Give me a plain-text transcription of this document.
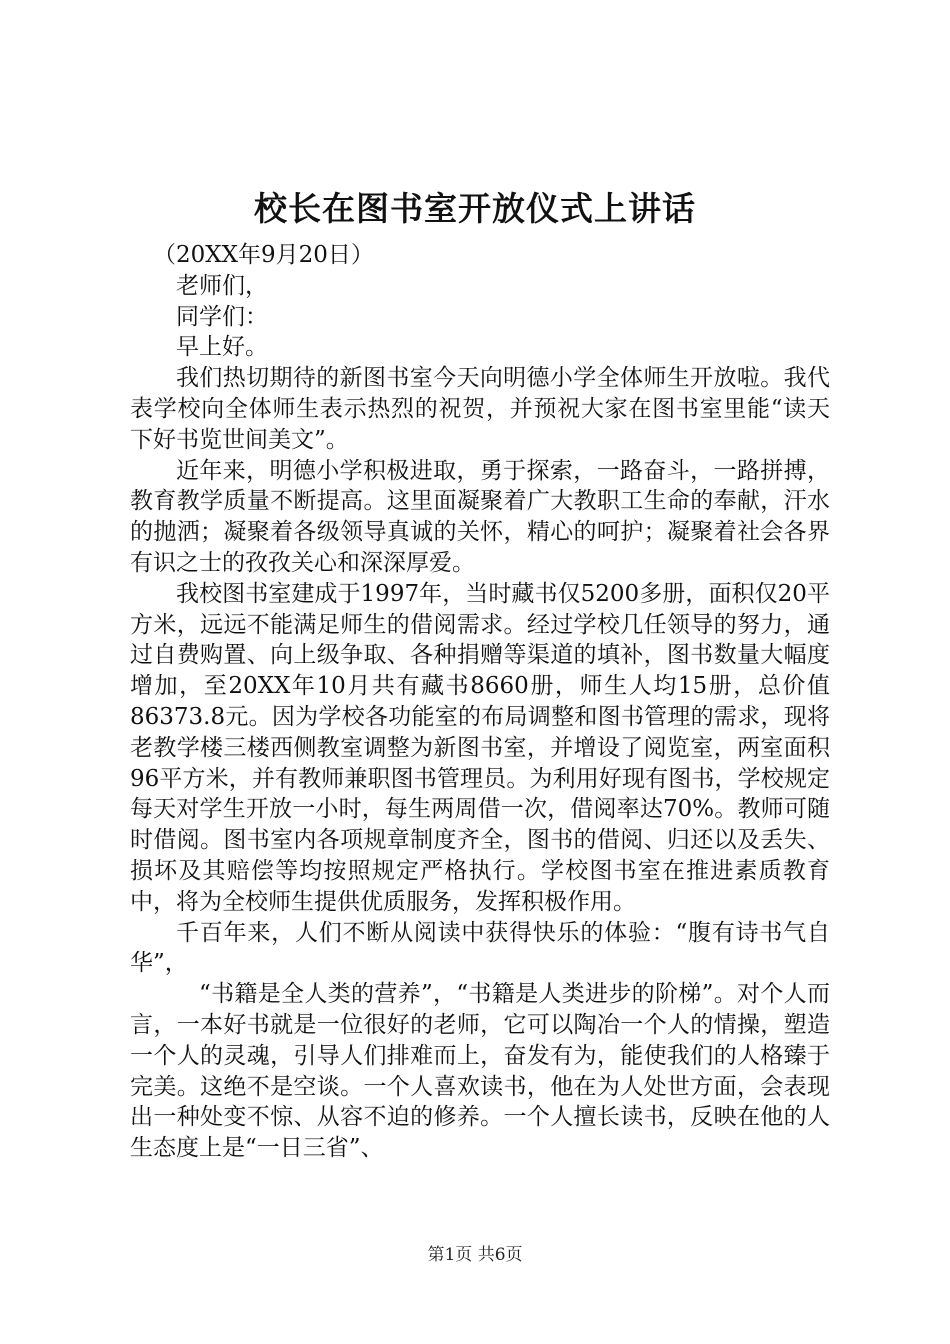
校长在图书室开放仪式上讲话

（20XX年9月20日）

老师们，

同学们：

早上好。

我们热切期待的新图书室今天向明德小学全体师生开放啦。我代表学校向全体师生表示热烈的祝贺，并预祝大家在图书室里能“读天下好书览世间美文”。

近年来，明德小学积极进取，勇于探索，一路奋斗，一路拼搏，教育教学质量不断提高。这里面凝聚着广大教职工生命的奉献，汗水的抛洒；凝聚着各级领导真诚的关怀，精心的呵护；凝聚着社会各界有识之士的孜孜关心和深深厚爱。

我校图书室建成于1997年，当时藏书仅5200多册，面积仅20平方米，远远不能满足师生的借阅需求。经过学校几任领导的努力，通过自费购置、向上级争取、各种捐赠等渠道的填补，图书数量大幅度增加，至20XX年10月共有藏书8660册，师生人均15册，总价值86373.8元。因为学校各功能室的布局调整和图书管理的需求，现将老教学楼三楼西侧教室调整为新图书室，并增设了阅览室，两室面积96平方米，并有教师兼职图书管理员。为利用好现有图书，学校规定每天对学生开放一小时，每生两周借一次，借阅率达70%。教师可随时借阅。图书室内各项规章制度齐全，图书的借阅、归还以及丢失、损坏及其赔偿等均按照规定严格执行。学校图书室在推进素质教育中，将为全校师生提供优质服务，发挥积极作用。

千百年来，人们不断从阅读中获得快乐的体验：“腹有诗书气自华”，

“书籍是全人类的营养”，“书籍是人类进步的阶梯”。对个人而言，一本好书就是一位很好的老师，它可以陶冶一个人的情操，塑造一个人的灵魂，引导人们排难而上，奋发有为，能使我们的人格臻于完美。这绝不是空谈。一个人喜欢读书，他在为人处世方面，会表现出一种处变不惊、从容不迫的修养。一个人擅长读书，反映在他的人生态度上是“一日三省”、

第1页 共6页
